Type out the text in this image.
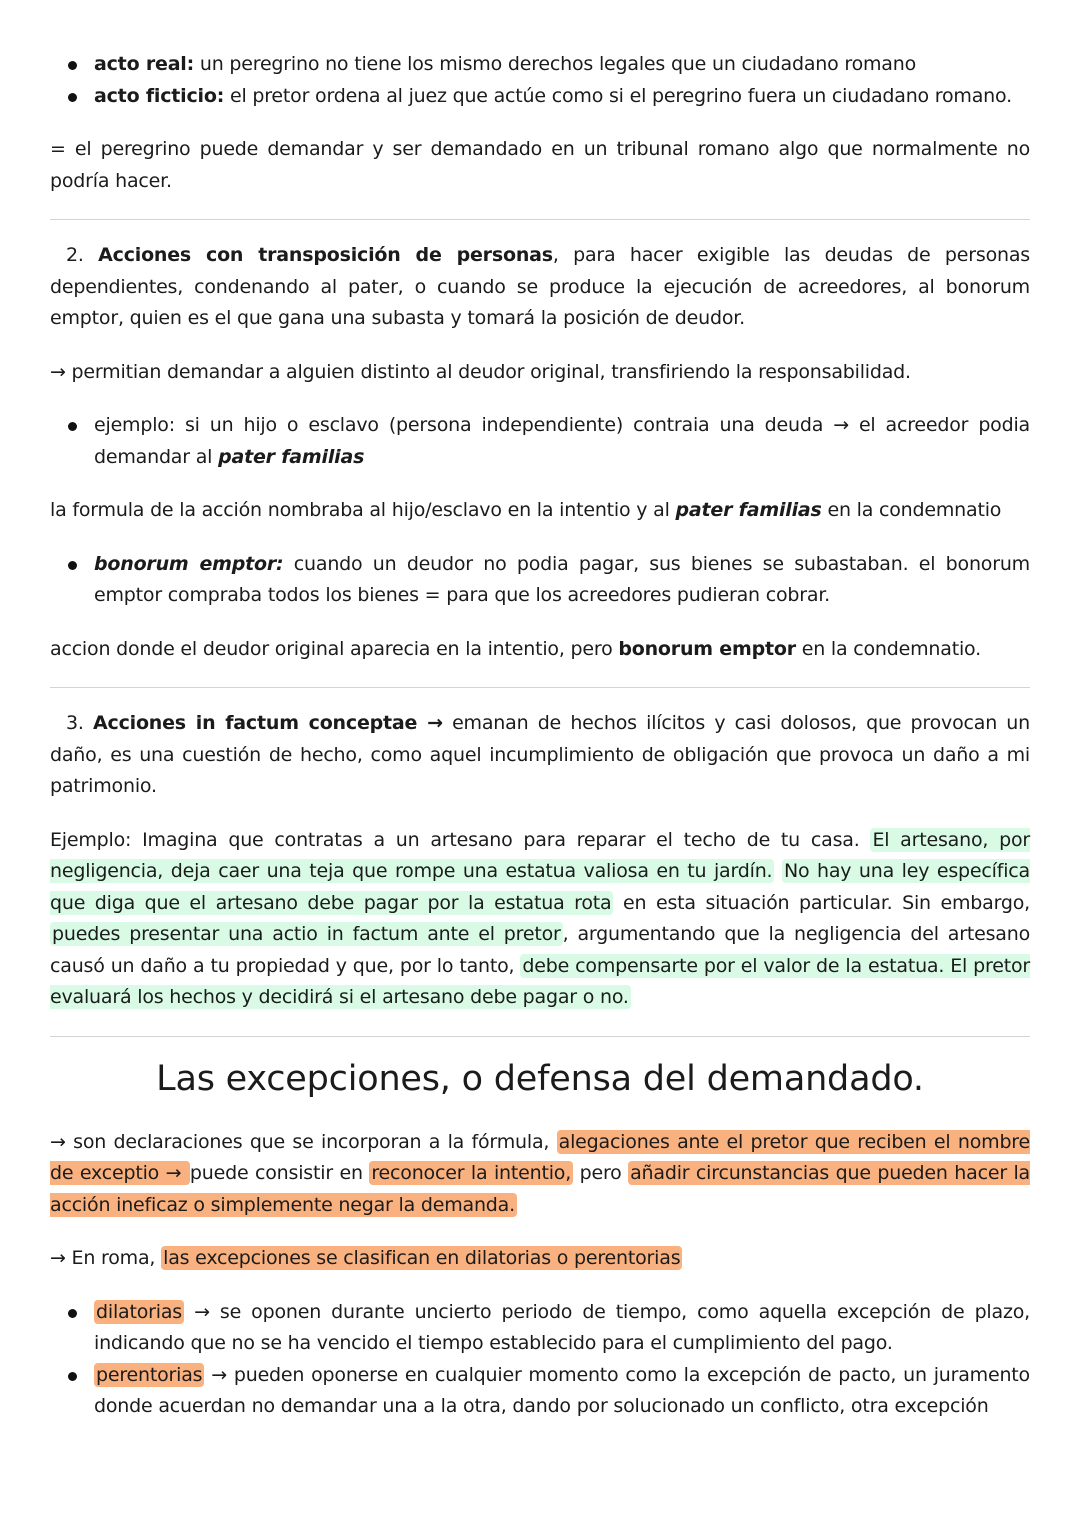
acto real: un peregrino no tiene los mismo derechos legales que un ciudadano romano
acto ficticio: el pretor ordena al juez que actúe como si el peregrino fuera un ciudadano romano.

= el peregrino puede demandar y ser demandado en un tribunal romano algo que normalmente no podría hacer.

2. Acciones con transposición de personas, para hacer exigible las deudas de personas dependientes, condenando al pater, o cuando se produce la ejecución de acreedores, al bonorum emptor, quien es el que gana una subasta y tomará la posición de deudor.

→ permitian demandar a alguien distinto al deudor original, transfiriendo la responsabilidad.

ejemplo: si un hijo o esclavo (persona independiente) contraia una deuda → el acreedor podia demandar al pater familias

la formula de la acción nombraba al hijo/esclavo en la intentio y al pater familias en la condemnatio

bonorum emptor: cuando un deudor no podia pagar, sus bienes se subastaban. el bonorum emptor compraba todos los bienes = para que los acreedores pudieran cobrar.

accion donde el deudor original aparecia en la intentio, pero bonorum emptor en la condemnatio.

3. Acciones in factum conceptae → emanan de hechos ilícitos y casi dolosos, que provocan un daño, es una cuestión de hecho, como aquel incumplimiento de obligación que provoca un daño a mi patrimonio.

Ejemplo: Imagina que contratas a un artesano para reparar el techo de tu casa. El artesano, por negligencia, deja caer una teja que rompe una estatua valiosa en tu jardín. No hay una ley específica que diga que el artesano debe pagar por la estatua rota en esta situación particular. Sin embargo, puedes presentar una actio in factum ante el pretor , argumentando que la negligencia del artesano causó un daño a tu propiedad y que, por lo tanto, debe compensarte por el valor de la estatua. El pretor evaluará los hechos y decidirá si el artesano debe pagar o no.

Las excepciones, o defensa del demandado.

→ son declaraciones que se incorporan a la fórmula, alegaciones ante el pretor que reciben el nombre de exceptio → puede consistir en reconocer la intentio, pero añadir circunstancias que pueden hacer la acción ineficaz o simplemente negar la demanda.

→ En roma, las excepciones se clasifican en dilatorias o perentorias

dilatorias → se oponen durante uncierto periodo de tiempo, como aquella excepción de plazo, indicando que no se ha vencido el tiempo establecido para el cumplimiento del pago.
perentorias → pueden oponerse en cualquier momento como la excepción de pacto, un juramento donde acuerdan no demandar una a la otra, dando por solucionado un conflicto, otra excepción
